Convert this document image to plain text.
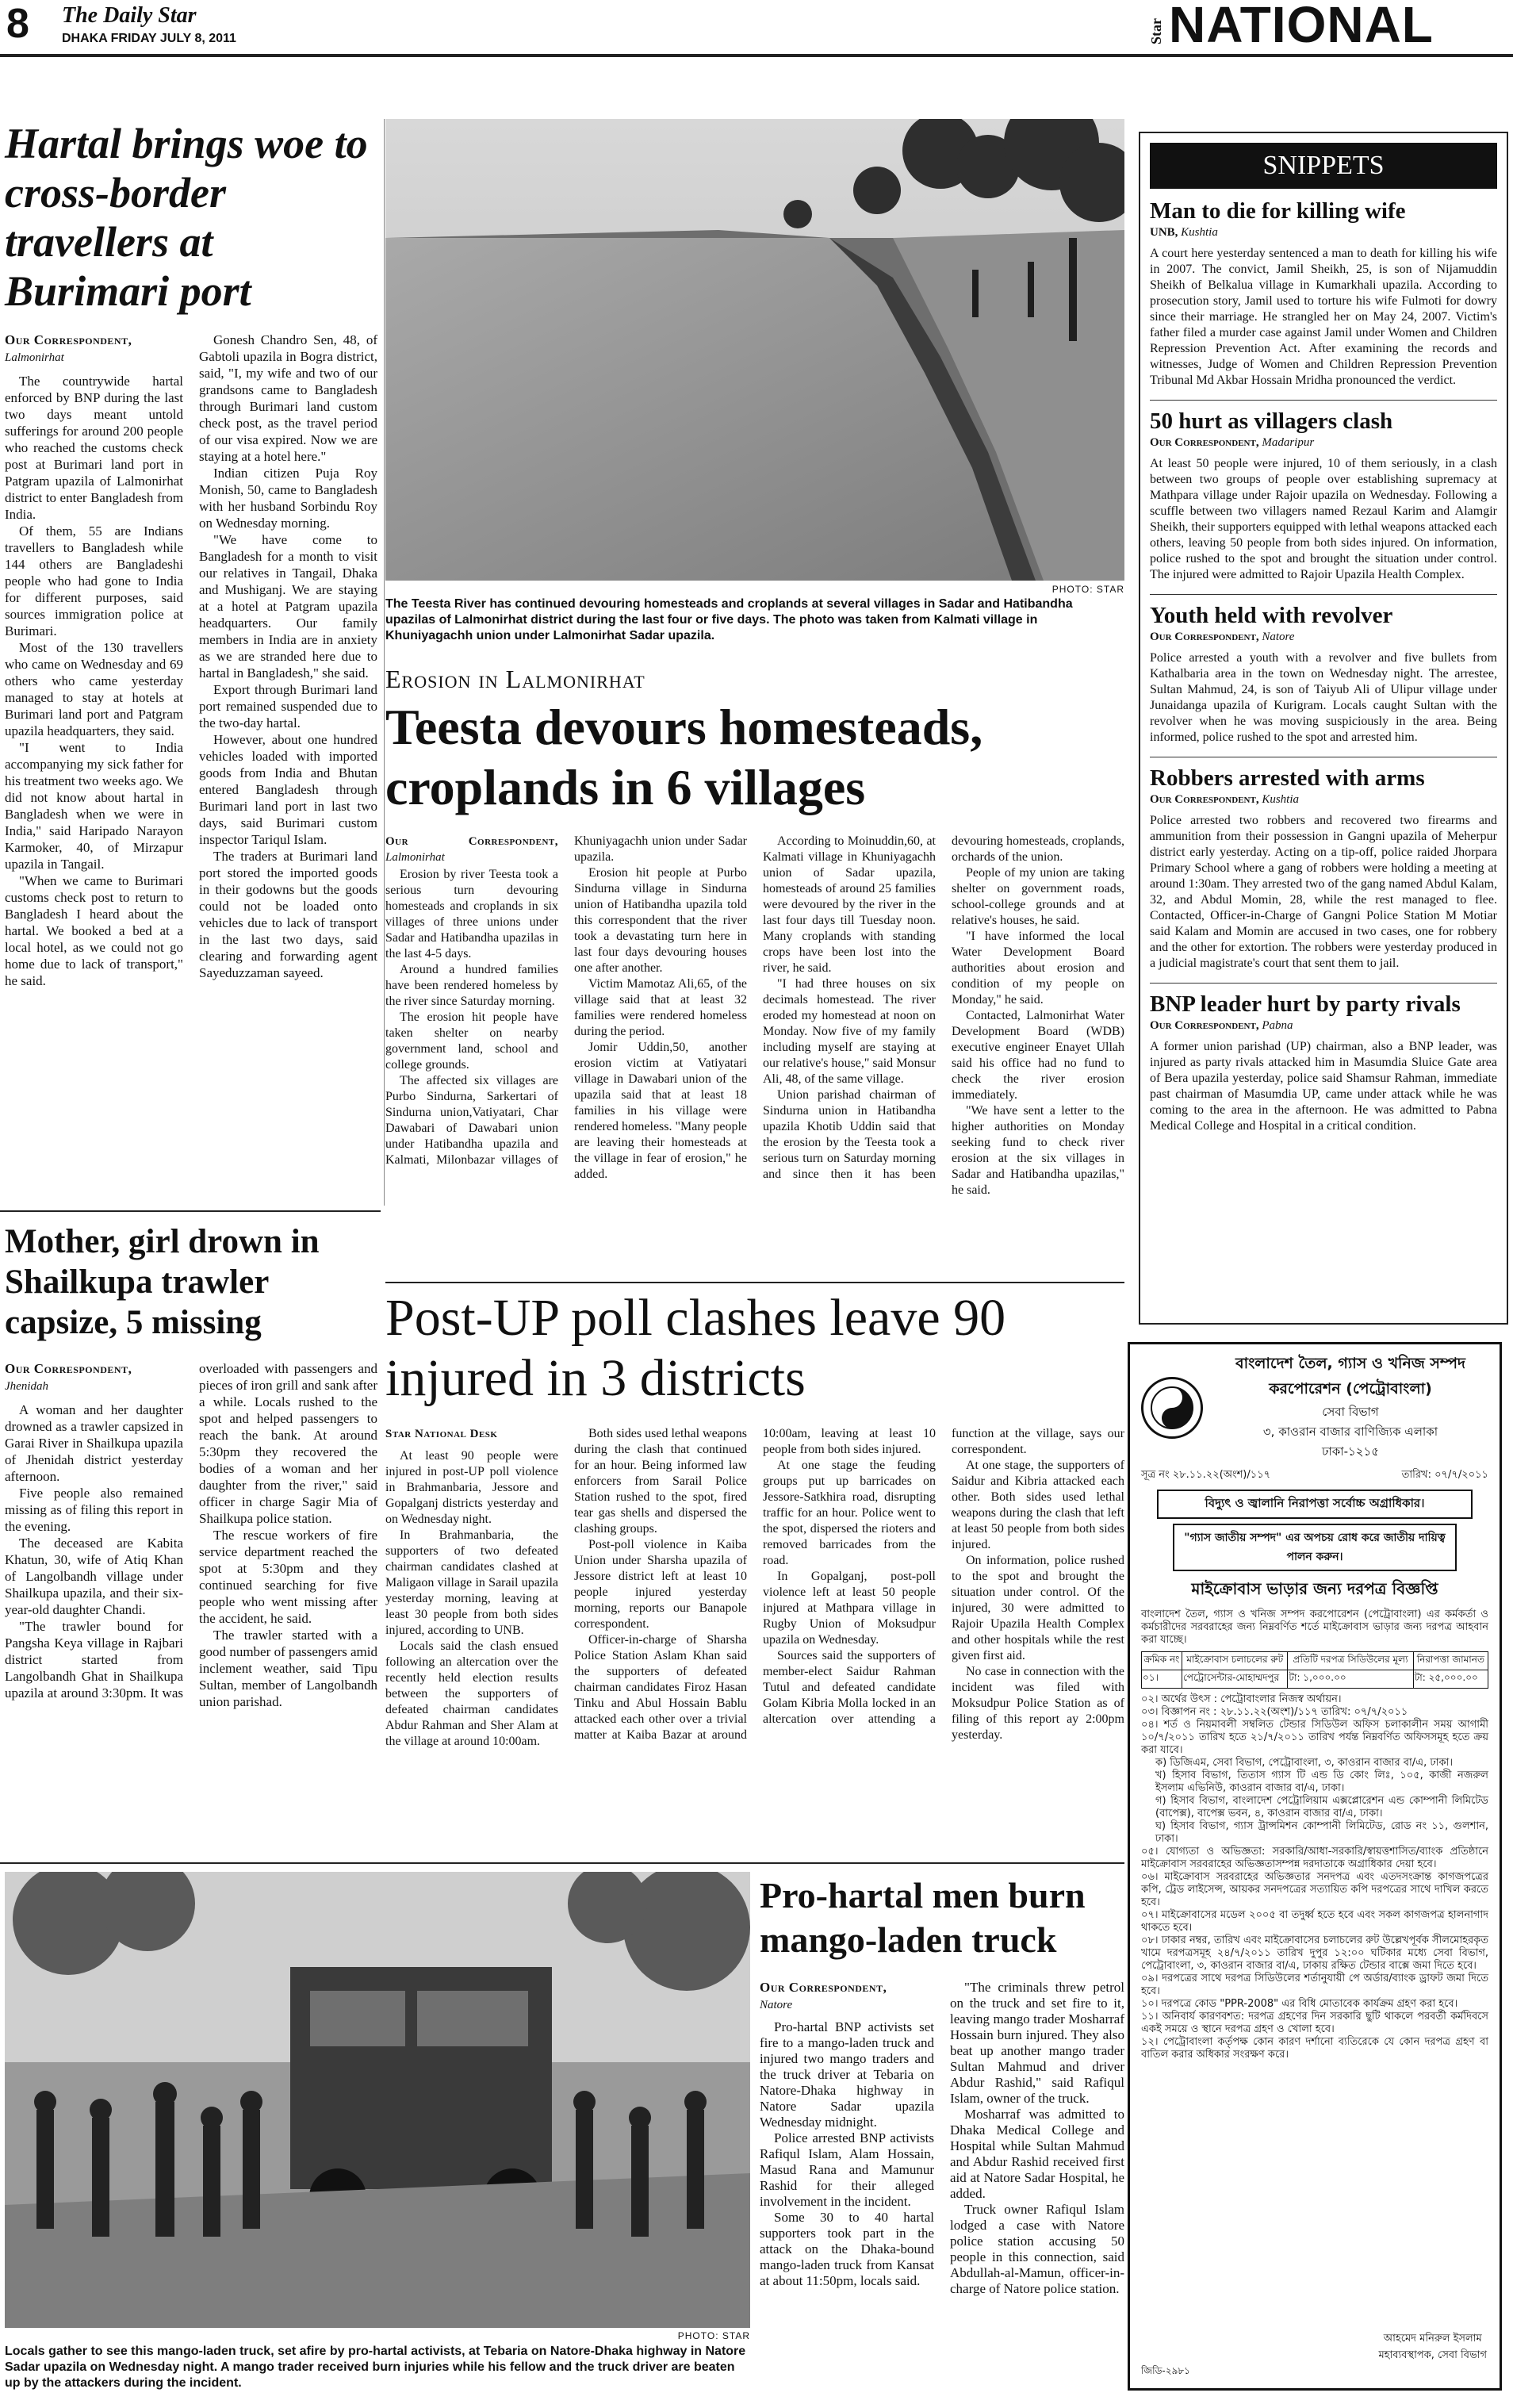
8 The Daily Star
DHAKA FRIDAY JULY 8, 2011	Star NATIONAL
Hartal brings woe to cross-border travellers at Burimari port
Our Correspondent,
Lalmonirhat

The countrywide hartal enforced by BNP during the last two days meant untold sufferings for around 200 people who reached the customs check post at Burimari land port in Patgram upazila of Lalmonirhat district to enter Bangladesh from India.

Of them, 55 are Indians travellers to Bangladesh while 144 others are Bangladeshi people who had gone to India for different purposes, said sources immigration police at Burimari.

Most of the 130 travellers who came on Wednesday and 69 others who came yesterday managed to stay at hotels at Burimari land port and Patgram upazila headquarters, they said.

"I went to India accompanying my sick father for his treatment two weeks ago. We did not know about hartal in Bangladesh when we were in India," said Haripado Narayon Karmoker, 40, of Mirzapur upazila in Tangail.

"When we came to Burimari customs check post to return to Bangladesh I heard about the hartal. We booked a bed at a local hotel, as we could not go home due to lack of transport," he said.

Gonesh Chandro Sen, 48, of Gabtoli upazila in Bogra district, said, "I, my wife and two of our grandsons came to Bangladesh through Burimari land custom check post, as the travel period of our visa expired. Now we are staying at a hotel here."

Indian citizen Puja Roy Monish, 50, came to Bangladesh with her husband Sorbindu Roy on Wednesday morning.

"We have come to Bangladesh for a month to visit our relatives in Tangail, Dhaka and Mushiganj. We are staying at a hotel at Patgram upazila headquarters. Our family members in India are in anxiety as we are stranded here due to hartal in Bangladesh," she said.

Export through Burimari land port remained suspended due to the two-day hartal.

However, about one hundred vehicles loaded with imported goods from India and Bhutan entered Bangladesh through Burimari land port in last two days, said Burimari custom inspector Tariqul Islam.

The traders at Burimari land port stored the imported goods in their godowns but the goods could not be loaded onto vehicles due to lack of transport in the last two days, said clearing and forwarding agent Sayeduzzaman sayeed.

Mother, girl drown in Shailkupa trawler capsize, 5 missing
Our Correspondent,
Jhenidah

A woman and her daughter drowned as a trawler capsized in Garai River in Shailkupa upazila of Jhenidah district yesterday afternoon.

Five people also remained missing as of filing this report in the evening.

The deceased are Kabita Khatun, 30, wife of Atiq Khan of Langolbandh village under Shailkupa upazila, and their six-year-old daughter Chandi.

"The trawler bound for Pangsha Keya village in Rajbari district started from Langolbandh Ghat in Shailkupa upazila at around 3:30pm. It was overloaded with passengers and pieces of iron grill and sank after a while. Locals rushed to the spot and helped passengers to reach the bank. At around 5:30pm they recovered the bodies of a woman and her daughter from the river," said officer in charge Sagir Mia of Shailkupa police station.

The rescue workers of fire service department reached the spot at 5:30pm and they continued searching for five people who went missing after the accident, he said.

The trawler started with a good number of passengers amid inclement weather, said Tipu Sultan, member of Langolbandh union parishad.

PHOTO: STAR
The Teesta River has continued devouring homesteads and croplands at several villages in Sadar and Hatibandha upazilas of Lalmonirhat district during the last four or five days. The photo was taken from Kalmati village in Khuniyagachh union under Lalmonirhat Sadar upazila.
Erosion in Lalmonirhat
Teesta devours homesteads, croplands in 6 villages
Our Correspondent, Lalmonirhat

Erosion by river Teesta took a serious turn devouring homesteads and croplands in six villages of three unions under Sadar and Hatibandha upazilas in the last 4-5 days.

Around a hundred families have been rendered homeless by the river since Saturday morning.

The erosion hit people have taken shelter on nearby government land, school and college grounds.

The affected six villages are Purbo Sindurna, Sarkertari of Sindurna union,Vatiyatari, Char Dawabari of Dawabari union under Hatibandha upazila and Kalmati, Milonbazar villages of Khuniyagachh union under Sadar upazila.

Erosion hit people at Purbo Sindurna village in Sindurna union of Hatibandha upazila told this correspondent that the river took a devastating turn here in last four days devouring houses one after another.

Victim Mamotaz Ali,65, of the village said that at least 32 families were rendered homeless during the period.

Jomir Uddin,50, another erosion victim at Vatiyatari village in Dawabari union of the upazila said that at least 18 families in his village were rendered homeless. "Many people are leaving their homesteads at the village in fear of erosion," he added.

According to Moinuddin,60, at Kalmati village in Khuniyagachh union of Sadar upazila, homesteads of around 25 families were devoured by the river in the last four days till Tuesday noon. Many croplands with standing crops have been lost into the river, he said.

"I had three houses on six decimals homestead. The river eroded my homestead at noon on Monday. Now five of my family including myself are staying at our relative's house," said Monsur Ali, 48, of the same village.

Union parishad chairman of Sindurna union in Hatibandha upazila Khotib Uddin said that the erosion by the Teesta took a serious turn on Saturday morning and since then it has been devouring homesteads, croplands, orchards of the union.

People of my union are taking shelter on government roads, school-college grounds and at relative's houses, he said.

"I have informed the local Water Development Board authorities about erosion and condition of my people on Monday," he said.

Contacted, Lalmonirhat Water Development Board (WDB) executive engineer Enayet Ullah said his office had no fund to check the river erosion immediately.

"We have sent a letter to the higher authorities on Monday seeking fund to check river erosion at the six villages in Sadar and Hatibandha upazilas," he said.

Post-UP poll clashes leave 90 injured in 3 districts
Star National Desk

At least 90 people were injured in post-UP poll violence in Brahmanbaria, Jessore and Gopalganj districts yesterday and on Wednesday night.

In Brahmanbaria, the supporters of two defeated chairman candidates clashed at Maligaon village in Sarail upazila yesterday morning, leaving at least 30 people from both sides injured, according to UNB.

Locals said the clash ensued following an altercation over the recently held election results between the supporters of defeated chairman candidates Abdur Rahman and Sher Alam at the village at around 10:00am.

Both sides used lethal weapons during the clash that continued for an hour. Being informed law enforcers from Sarail Police Station rushed to the spot, fired tear gas shells and dispersed the clashing groups.

Post-poll violence in Kaiba Union under Sharsha upazila of Jessore district left at least 10 people injured yesterday morning, reports our Banapole correspondent.

Officer-in-charge of Sharsha Police Station Aslam Khan said the supporters of defeated chairman candidates Firoz Hasan Tinku and Abul Hossain Bablu attacked each other over a trivial matter at Kaiba Bazar at around 10:00am, leaving at least 10 people from both sides injured.

At one stage the feuding groups put up barricades on Jessore-Satkhira road, disrupting traffic for an hour. Police went to the spot, dispersed the rioters and removed barricades from the road.

In Gopalganj, post-poll violence left at least 50 people injured at Mathpara village in Rugby Union of Moksudpur upazila on Wednesday.

Sources said the supporters of member-elect Saidur Rahman Tutul and defeated candidate Golam Kibria Molla locked in an altercation over attending a function at the village, says our correspondent.

At one stage, the supporters of Saidur and Kibria attacked each other. Both sides used lethal weapons during the clash that left at least 50 people from both sides injured.

On information, police rushed to the spot and brought the situation under control. Of the injured, 30 were admitted to Rajoir Upazila Health Complex and other hospitals while the rest given first aid.

No case in connection with the incident was filed with Moksudpur Police Station as of filing of this report ay 2:00pm yesterday.

PHOTO: STAR
Locals gather to see this mango-laden truck, set afire by pro-hartal activists, at Tebaria on Natore-Dhaka highway in Natore Sadar upazila on Wednesday night. A mango trader received burn injuries while his fellow and the truck driver are beaten up by the attackers during the incident.
Pro-hartal men burn mango-laden truck
Our Correspondent,
Natore

Pro-hartal BNP activists set fire to a mango-laden truck and injured two mango traders and the truck driver at Tebaria on Natore-Dhaka highway in Natore Sadar upazila Wednesday midnight.

Police arrested BNP activists Rafiqul Islam, Alam Hossain, Masud Rana and Mamunur Rashid for their alleged involvement in the incident.

Some 30 to 40 hartal supporters took part in the attack on the Dhaka-bound mango-laden truck from Kansat at about 11:50pm, locals said.

"The criminals threw petrol on the truck and set fire to it, leaving mango trader Mosharraf Hossain burn injured. They also beat up another mango trader Sultan Mahmud and driver Abdur Rashid," said Rafiqul Islam, owner of the truck.

Mosharraf was admitted to Dhaka Medical College and Hospital while Sultan Mahmud and Abdur Rashid received first aid at Natore Sadar Hospital, he added.

Truck owner Rafiqul Islam lodged a case with Natore police station accusing 50 people in this connection, said Abdullah-al-Mamun, officer-in-charge of Natore police station.

SNIPPETS
Man to die for killing wife
UNB, Kushtia
A court here yesterday sentenced a man to death for killing his wife in 2007. The convict, Jamil Sheikh, 25, is son of Nijamuddin Sheikh of Belkalua village in Kumarkhali upazila. According to prosecution story, Jamil used to torture his wife Fulmoti for dowry since their marriage. He strangled her on May 24, 2007. Victim's father filed a murder case against Jamil under Women and Children Repression Prevention Act. After examining the records and witnesses, Judge of Women and Children Repression Prevention Tribunal Md Akbar Hossain Mridha pronounced the verdict.
50 hurt as villagers clash
Our Correspondent, Madaripur
At least 50 people were injured, 10 of them seriously, in a clash between two groups of people over establishing supremacy at Mathpara village under Rajoir upazila on Wednesday. Following a scuffle between two villagers named Rezaul Karim and Alamgir Sheikh, their supporters equipped with lethal weapons attacked each others, leaving 50 people from both sides injured. On information, police rushed to the spot and brought the situation under control. The injured were admitted to Rajoir Upazila Health Complex.
Youth held with revolver
Our Correspondent, Natore
Police arrested a youth with a revolver and five bullets from Kathalbaria area in the town on Wednesday night. The arrestee, Sultan Mahmud, 24, is son of Taiyub Ali of Ulipur village under Junaidanga upazila of Kurigram. Locals caught Sultan with the revolver when he was moving suspiciously in the area. Being informed, police rushed to the spot and arrested him.
Robbers arrested with arms
Our Correspondent, Kushtia
Police arrested two robbers and recovered two firearms and ammunition from their possession in Gangni upazila of Meherpur district early yesterday. Acting on a tip-off, police raided Jhorpara Primary School where a gang of robbers were holding a meeting at around 1:30am. They arrested two of the gang named Abdul Kalam, 32, and Abdul Momin, 28, while the rest managed to flee. Contacted, Officer-in-Charge of Gangni Police Station M Motiar said Kalam and Momin are accused in two cases, one for robbery and the other for extortion. The robbers were yesterday produced in a judicial magistrate's court that sent them to jail.
BNP leader hurt by party rivals
Our Correspondent, Pabna
A former union parishad (UP) chairman, also a BNP leader, was injured as party rivals attacked him in Masumdia Sluice Gate area of Bera upazila yesterday, police said Shamsur Rahman, immediate past chairman of Masumdia UP, came under attack while he was coming to the area in the afternoon. He was admitted to Pabna Medical College and Hospital in a critical condition.
বাংলাদেশ তৈল, গ্যাস ও খনিজ সম্পদ
করপোরেশন (পেট্রোবাংলা)
সেবা বিভাগ
৩, কাওরান বাজার বাণিজ্যিক এলাকা
ঢাকা-১২১৫
সূত্র নং ২৮.১১.২২(অংশ)/১১৭	তারিখ: ০৭/৭/২০১১
বিদ্যুৎ ও জ্বালানি নিরাপত্তা সর্বোচ্চ অগ্রাধিকার।
"গ্যাস জাতীয় সম্পদ" এর অপচয় রোধ করে জাতীয় দায়িত্ব পালন করুন।
মাইক্রোবাস ভাড়ার জন্য দরপত্র বিজ্ঞপ্তি
বাংলাদেশ তৈল, গ্যাস ও খনিজ সম্পদ করপোরেশন (পেট্রোবাংলা) এর কর্মকর্তা ও কর্মচারীদের সরবরাহের জন্য নিম্নবর্ণিত শর্তে মাইক্রোবাস ভাড়ার জন্য দরপত্র আহবান করা যাচ্ছে।
ক্রমিক নং	মাইক্রোবাস চলাচলের রুট	প্রতিটি দরপত্র সিডিউলের মূল্য	নিরাপত্তা জামানত
০১।	পেট্রোসেন্টার-মোহাম্মদপুর	টা: ১,০০০.০০	টা: ২৫,০০০.০০
০২। অর্থের উৎস : পেট্রোবাংলার নিজস্ব অর্থায়ন।
০৩। বিজ্ঞাপন নং : ২৮.১১.২২(অংশ)/১১৭ তারিখ: ০৭/৭/২০১১
০৪। শর্ত ও নিয়মাবলী সম্বলিত টেন্ডার সিডিউল অফিস চলাকালীন সময় আগামী ১০/৭/২০১১ তারিখ হতে ২১/৭/২০১১ তারিখ পর্যন্ত নিম্নবর্ণিত অফিসসমূহ হতে ক্রয় করা যাবে।
ক) ডিজিএম, সেবা বিভাগ, পেট্রোবাংলা, ৩, কাওরান বাজার বা/এ, ঢাকা।
খ) হিসাব বিভাগ, তিতাস গ্যাস টি এন্ড ডি কোং লিঃ, ১০৫, কাজী নজরুল ইসলাম এভিনিউ, কাওরান বাজার বা/এ, ঢাকা।
গ) হিসাব বিভাগ, বাংলাদেশ পেট্রোলিয়াম এক্সপ্লোরেশন এন্ড কোম্পানী লিমিটেড (বাপেক্স), বাপেক্স ভবন, ৪, কাওরান বাজার বা/এ, ঢাকা।
ঘ) হিসাব বিভাগ, গ্যাস ট্রান্সমিশন কোম্পানী লিমিটেড, রোড নং ১১, গুলশান, ঢাকা।
০৫। যোগ্যতা ও অভিজ্ঞতা: সরকারি/আধা-সরকারি/স্বায়ত্তশাসিত/ব্যাংক প্রতিষ্ঠানে মাইক্রোবাস সরবরাহের অভিজ্ঞতাসম্পন্ন দরদাতাকে অগ্রাধিকার দেয়া হবে।
০৬। মাইক্রোবাস সরবরাহের অভিজ্ঞতার সনদপত্র এবং এতদসংক্রান্ত কাগজপত্রের কপি, ট্রেড লাইসেন্স, আয়কর সনদপত্রের সত্যায়িত কপি দরপত্রের সাথে দাখিল করতে হবে।
০৭। মাইক্রোবাসের মডেল ২০০৫ বা তদুর্ধ্ব হতে হবে এবং সকল কাগজপত্র হালনাগাদ থাকতে হবে।
০৮। ঢাকার নম্বর, তারিখ এবং মাইক্রোবাসের চলাচলের রুট উল্লেখপূর্বক সীলমোহরকৃত খামে দরপত্রসমূহ ২৪/৭/২০১১ তারিখ দুপুর ১২:০০ ঘটিকার মধ্যে সেবা বিভাগ, পেট্রোবাংলা, ৩, কাওরান বাজার বা/এ, ঢাকায় রক্ষিত টেন্ডার বাক্সে জমা দিতে হবে।
০৯। দরপত্রের সাথে দরপত্র সিডিউলের শর্তানুযায়ী পে অর্ডার/ব্যাংক ড্রাফট জমা দিতে হবে।
১০। দরপত্রে কোড "PPR-2008" এর বিধি মোতাবেক কার্যক্রম গ্রহণ করা হবে।
১১। অনিবার্য কারণবশত: দরপত্র গ্রহণের দিন সরকারি ছুটি থাকলে পরবর্তী কর্মদিবসে একই সময়ে ও স্থানে দরপত্র গ্রহণ ও খোলা হবে।
১২। পেট্রোবাংলা কর্তৃপক্ষ কোন কারণ দর্শানো ব্যতিরেকে যে কোন দরপত্র গ্রহণ বা বাতিল করার অধিকার সংরক্ষণ করে।
আহমেদ মনিরুল ইসলাম
মহাব্যবস্থাপক, সেবা বিভাগ
জিডি-২৯৮১
